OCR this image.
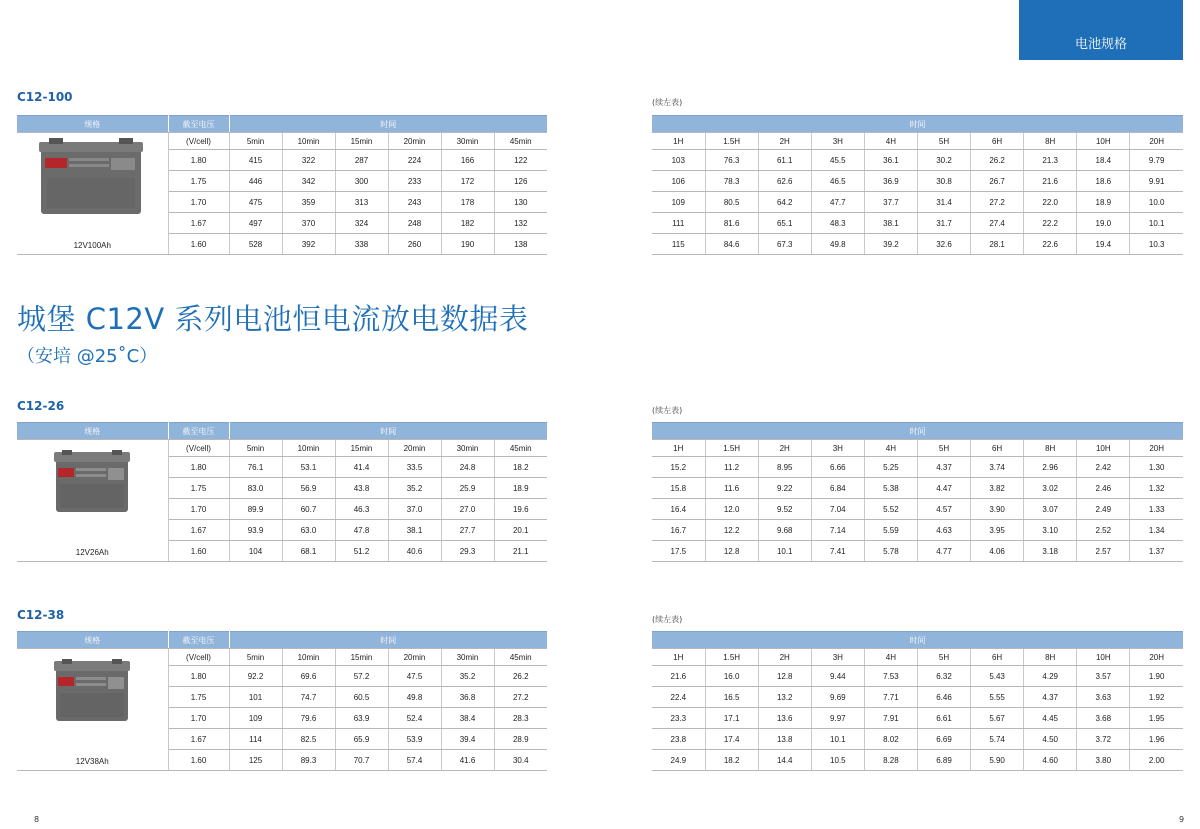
电池规格
城堡 C12V 系列电池恒电流放电数据表
（安培 @25˚C）
8	9
C12-100	(续左表)
规格	截至电压	时间					

12V100Ah	(V/cell)	5min	10min	15min	20min	30min	45min
	1.80	415	322	287	224	166	122
	1.75	446	342	300	233	172	126
	1.70	475	359	313	243	178	130
	1.67	497	370	324	248	182	132
	1.60	528	392	338	260	190	138
时间									
1H	1.5H	2H	3H	4H	5H	6H	8H	10H	20H
103	76.3	61.1	45.5	36.1	30.2	26.2	21.3	18.4	9.79
106	78.3	62.6	46.5	36.9	30.8	26.7	21.6	18.6	9.91
109	80.5	64.2	47.7	37.7	31.4	27.2	22.0	18.9	10.0
111	81.6	65.1	48.3	38.1	31.7	27.4	22.2	19.0	10.1
115	84.6	67.3	49.8	39.2	32.6	28.1	22.6	19.4	10.3
C12-26	(续左表)
规格	截至电压	时间					

12V26Ah	(V/cell)	5min	10min	15min	20min	30min	45min
	1.80	76.1	53.1	41.4	33.5	24.8	18.2
	1.75	83.0	56.9	43.8	35.2	25.9	18.9
	1.70	89.9	60.7	46.3	37.0	27.0	19.6
	1.67	93.9	63.0	47.8	38.1	27.7	20.1
	1.60	104	68.1	51.2	40.6	29.3	21.1
时间									
1H	1.5H	2H	3H	4H	5H	6H	8H	10H	20H
15.2	11.2	8.95	6.66	5.25	4.37	3.74	2.96	2.42	1.30
15.8	11.6	9.22	6.84	5.38	4.47	3.82	3.02	2.46	1.32
16.4	12.0	9.52	7.04	5.52	4.57	3.90	3.07	2.49	1.33
16.7	12.2	9.68	7.14	5.59	4.63	3.95	3.10	2.52	1.34
17.5	12.8	10.1	7.41	5.78	4.77	4.06	3.18	2.57	1.37
C12-38	(续左表)
规格	截至电压	时间					

12V38Ah	(V/cell)	5min	10min	15min	20min	30min	45min
	1.80	92.2	69.6	57.2	47.5	35.2	26.2
	1.75	101	74.7	60.5	49.8	36.8	27.2
	1.70	109	79.6	63.9	52.4	38.4	28.3
	1.67	114	82.5	65.9	53.9	39.4	28.9
	1.60	125	89.3	70.7	57.4	41.6	30.4
时间									
1H	1.5H	2H	3H	4H	5H	6H	8H	10H	20H
21.6	16.0	12.8	9.44	7.53	6.32	5.43	4.29	3.57	1.90
22.4	16.5	13.2	9.69	7.71	6.46	5.55	4.37	3.63	1.92
23.3	17.1	13.6	9.97	7.91	6.61	5.67	4.45	3.68	1.95
23.8	17.4	13.8	10.1	8.02	6.69	5.74	4.50	3.72	1.96
24.9	18.2	14.4	10.5	8.28	6.89	5.90	4.60	3.80	2.00
